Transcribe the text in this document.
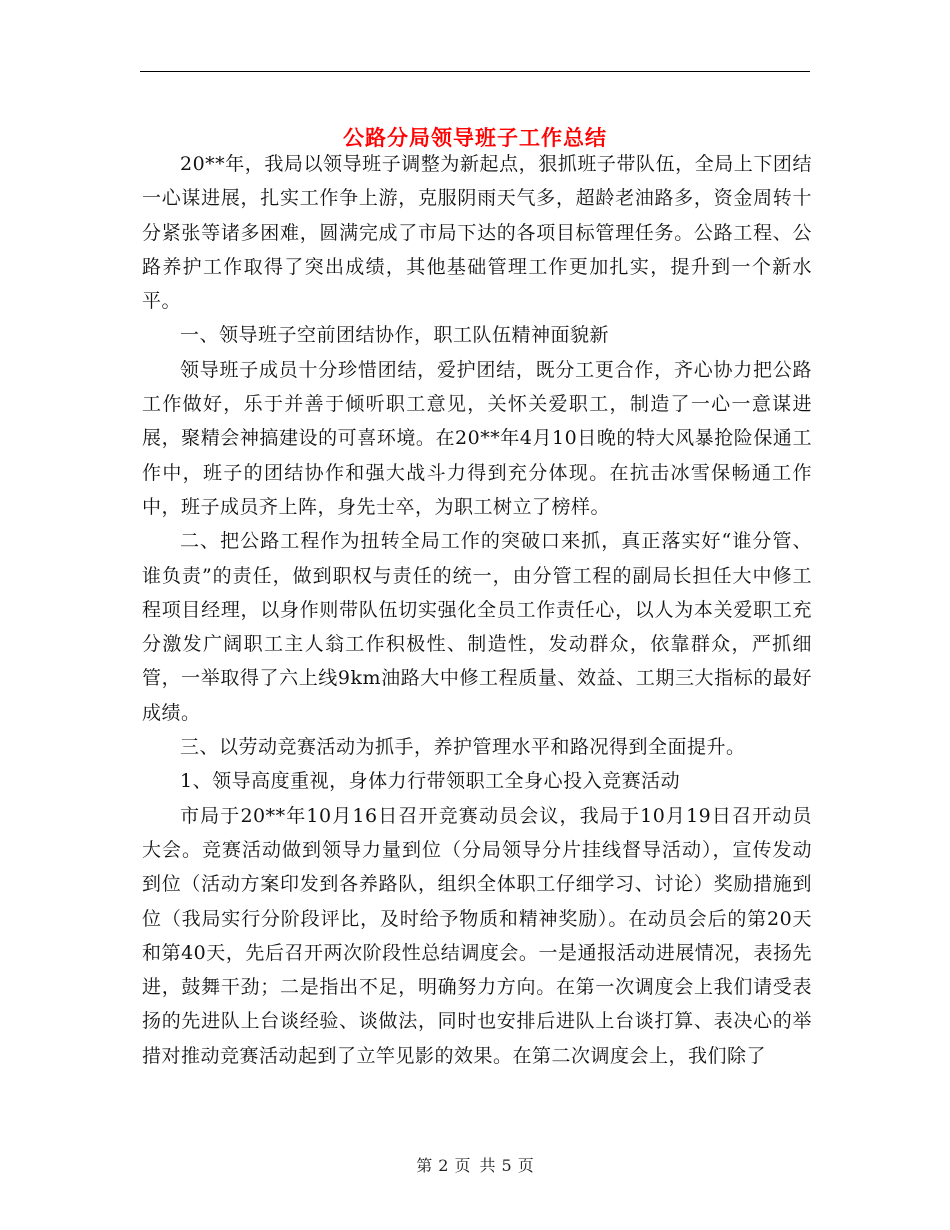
公路分局领导班子工作总结

20**年，我局以领导班子调整为新起点，狠抓班子带队伍，全局上下团结一心谋进展，扎实工作争上游，克服阴雨天气多，超龄老油路多，资金周转十分紧张等诸多困难，圆满完成了市局下达的各项目标管理任务。公路工程、公路养护工作取得了突出成绩，其他基础管理工作更加扎实，提升到一个新水平。

一、领导班子空前团结协作，职工队伍精神面貌新

领导班子成员十分珍惜团结，爱护团结，既分工更合作，齐心协力把公路工作做好，乐于并善于倾听职工意见，关怀关爱职工，制造了一心一意谋进展，聚精会神搞建设的可喜环境。在20**年4月10日晚的特大风暴抢险保通工作中，班子的团结协作和强大战斗力得到充分体现。在抗击冰雪保畅通工作中，班子成员齐上阵，身先士卒，为职工树立了榜样。

二、把公路工程作为扭转全局工作的突破口来抓，真正落实好“谁分管、谁负责”的责任，做到职权与责任的统一，由分管工程的副局长担任大中修工程项目经理，以身作则带队伍切实强化全员工作责任心，以人为本关爱职工充分激发广阔职工主人翁工作积极性、制造性，发动群众，依靠群众，严抓细管，一举取得了六上线9km油路大中修工程质量、效益、工期三大指标的最好成绩。

三、以劳动竞赛活动为抓手，养护管理水平和路况得到全面提升。

1、领导高度重视，身体力行带领职工全身心投入竞赛活动

市局于20**年10月16日召开竞赛动员会议，我局于10月19日召开动员大会。竞赛活动做到领导力量到位（分局领导分片挂线督导活动），宣传发动到位（活动方案印发到各养路队，组织全体职工仔细学习、讨论）奖励措施到位（我局实行分阶段评比，及时给予物质和精神奖励）。在动员会后的第20天和第40天，先后召开两次阶段性总结调度会。一是通报活动进展情况，表扬先进，鼓舞干劲；二是指出不足，明确努力方向。在第一次调度会上我们请受表扬的先进队上台谈经验、谈做法，同时也安排后进队上台谈打算、表决心的举措对推动竞赛活动起到了立竿见影的效果。在第二次调度会上，我们除了

第 2 页 共 5 页
